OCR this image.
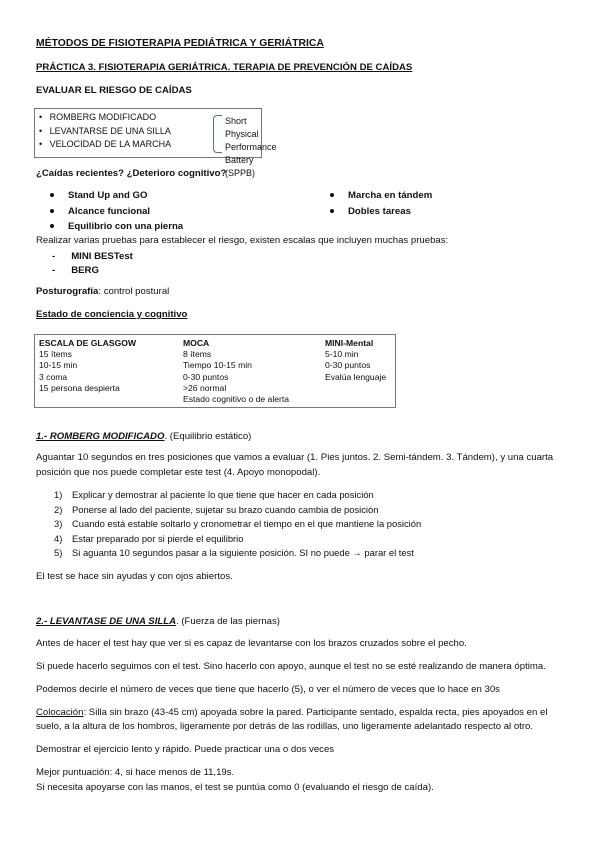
MÉTODOS DE FISIOTERAPIA PEDIÁTRICA Y GERIÁTRICA
PRÁCTICA 3. FISIOTERAPIA GERIÁTRICA. TERAPIA DE PREVENCIÓN DE CAÍDAS
EVALUAR EL RIESGO DE CAÍDAS
•   ROMBERG MODIFICADO
•   LEVANTARSE DE UNA SILLA
•   VELOCIDAD DE LA MARCHA
Short Physical
Performance
Battery (SPPB)
¿Caídas recientes? ¿Deterioro cognitivo?
Stand Up and GO
Alcance funcional
Equilibrio con una pierna
Marcha en tándem
Dobles tareas
Realizar varias pruebas para establecer el riesgo, existen escalas que incluyen muchas pruebas:
-      MINI BESTest
-      BERG
Posturografía: control postural
Estado de conciencia y cognitivo
ESCALA DE GLASGOW
15 ítems
10-15 min
3 coma
15 persona despierta
MOCA
8 ítems
Tiempo 10-15 min
0-30 puntos
>26 normal
Estado cognitivo o de alerta
MINI-Mental
5-10 min
0-30 puntos
Evalúa lenguaje
1.- ROMBERG MODIFICADO. (Equilibrio estático)
Aguantar 10 segundos en tres posiciones que vamos a evaluar (1. Pies juntos. 2. Semi-tándem. 3. Tándem), y una cuarta
posición que nos puede completar este test (4. Apoyo monopodal).
1) Explicar y demostrar al paciente lo que tiene que hacer en cada posición
2) Ponerse al lado del paciente, sujetar su brazo cuando cambia de posición
3) Cuando está estable soltarlo y cronometrar el tiempo en el que mantiene la posición
4) Estar preparado por si pierde el equilibrio
5) Si aguanta 10 segundos pasar a la siguiente posición. SI no puede → parar el test
El test se hace sin ayudas y con ojos abiertos.
2.- LEVANTASE DE UNA SILLA. (Fuerza de las piernas)
Antes de hacer el test hay que ver si es capaz de levantarse con los brazos cruzados sobre el pecho.
Si puede hacerlo seguimos con el test. Sino hacerlo con apoyo, aunque el test no se esté realizando de manera óptima.
Podemos decirle el número de veces que tiene que hacerlo (5), o ver el número de veces que lo hace en 30s
Colocación: Silla sin brazo (43-45 cm) apoyada sobre la pared. Participante sentado, espalda recta, pies apoyados en el
suelo, a la altura de los hombros, ligeramente por detrás de las rodillas, uno ligeramente adelantado respecto al otro.
Demostrar el ejercicio lento y rápido. Puede practicar una o dos veces
Mejor puntuación: 4, si hace menos de 11,19s.
Si necesita apoyarse con las manos, el test se puntúa como 0 (evaluando el riesgo de caída).
